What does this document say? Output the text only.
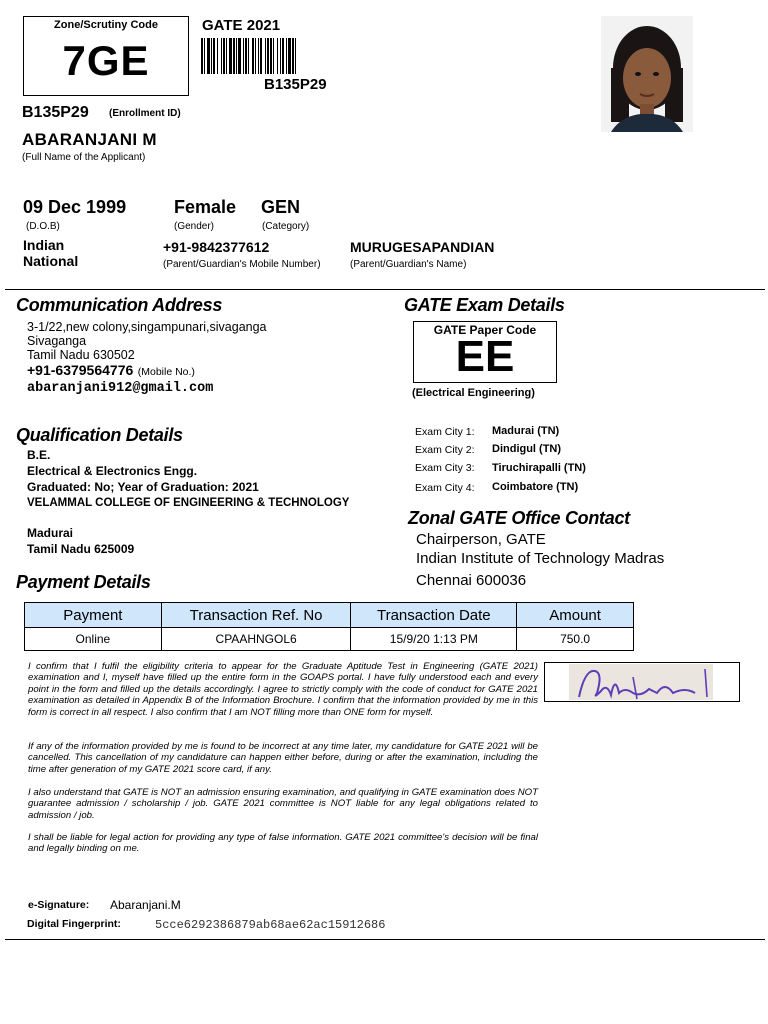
Zone/Scrutiny Code
7GE
GATE 2021
B135P29
B135P29 (Enrollment ID)
ABARANJANI M
(Full Name of the Applicant)
09 Dec 1999
(D.O.B)
Female
(Gender)
GEN
(Category)
Indian
National
+91-9842377612
(Parent/Guardian's Mobile Number)
MURUGESAPANDIAN
(Parent/Guardian's Name)
Communication Address
3-1/22,new colony,singampunari,sivaganga
Sivaganga
Tamil Nadu 630502
+91-6379564776 (Mobile No.)
abaranjani912@gmail.com
GATE Exam Details
GATE Paper Code
EE
(Electrical Engineering)
Exam City 1: Madurai (TN)
Exam City 2: Dindigul (TN)
Exam City 3: Tiruchirapalli (TN)
Exam City 4: Coimbatore (TN)
Qualification Details
B.E.
Electrical & Electronics Engg.
Graduated: No; Year of Graduation: 2021
VELAMMAL COLLEGE OF ENGINEERING & TECHNOLOGY
Madurai
Tamil Nadu 625009
Zonal GATE Office Contact
Chairperson, GATE
Indian Institute of Technology Madras
Chennai 600036
Payment Details
Payment	Transaction Ref. No	Transaction Date	Amount
Online	CPAAHNGOL6	15/9/20 1:13 PM	750.0
I confirm that I fulfil the eligibility criteria to appear for the Graduate Aptitude Test in Engineering (GATE 2021) examination and I, myself have filled up the entire form in the GOAPS portal. I have fully understood each and every point in the form and filled up the details accordingly. I agree to strictly comply with the code of conduct for GATE 2021 examination as detailed in Appendix B of the Information Brochure. I confirm that the information provided by me in this form is correct in all respect. I also confirm that I am NOT filling more than ONE form for myself.
If any of the information provided by me is found to be incorrect at any time later, my candidature for GATE 2021 will be cancelled. This cancellation of my candidature can happen either before, during or after the examination, including the time after generation of my GATE 2021 score card, if any.
I also understand that GATE is NOT an admission ensuring examination, and qualifying in GATE examination does NOT guarantee admission / scholarship / job. GATE 2021 committee is NOT liable for any legal obligations related to admission / job.
I shall be liable for legal action for providing any type of false information. GATE 2021 committee's decision will be final and legally binding on me.
e-Signature: Abaranjani.M
Digital Fingerprint:	5cce6292386879ab68ae62ac15912686
